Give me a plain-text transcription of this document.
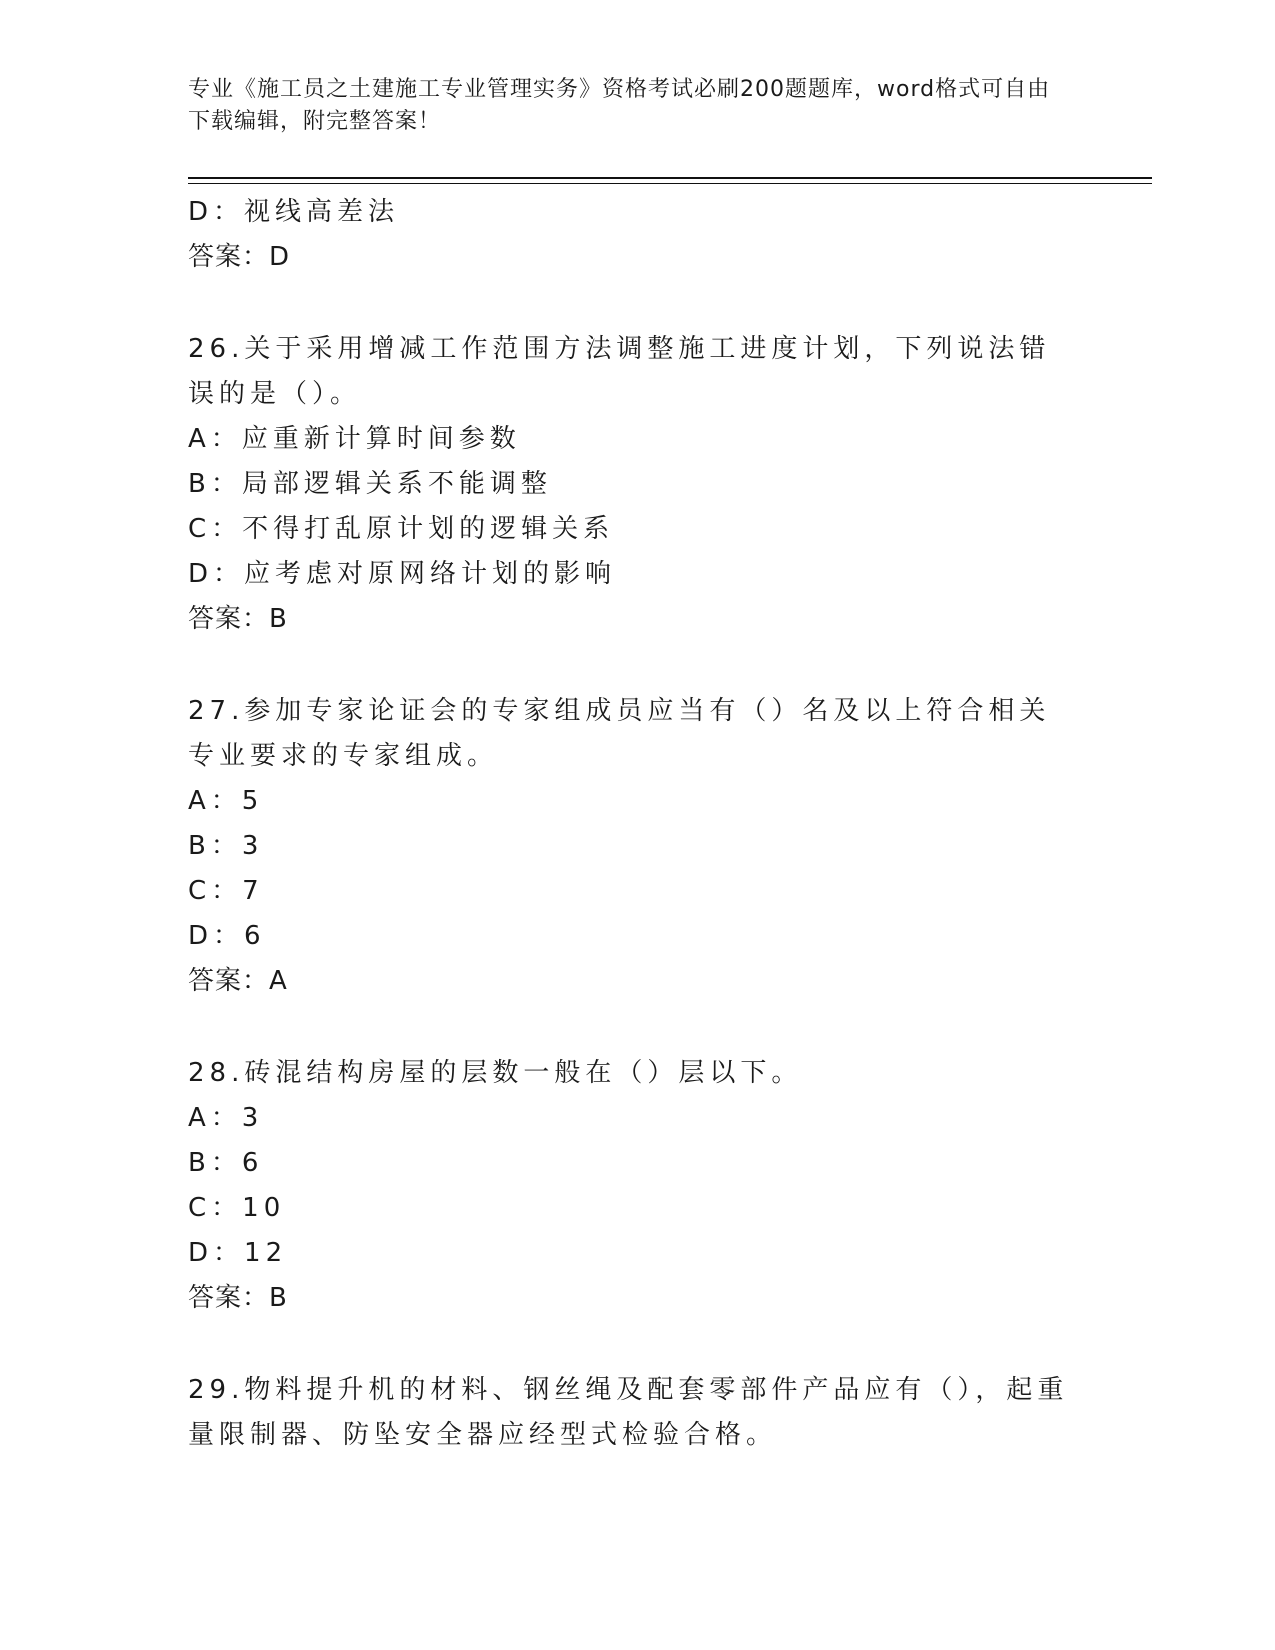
专业《施工员之土建施工专业管理实务》资格考试必刷200题题库，word格式可自由下载编辑，附完整答案！
D：视线高差法
答案：D
26.关于采用增减工作范围方法调整施工进度计划，下列说法错误的是（）。
A：应重新计算时间参数
B：局部逻辑关系不能调整
C：不得打乱原计划的逻辑关系
D：应考虑对原网络计划的影响
答案：B
27.参加专家论证会的专家组成员应当有（）名及以上符合相关专业要求的专家组成。
A：5
B：3
C：7
D：6
答案：A
28.砖混结构房屋的层数一般在（）层以下。
A：3
B：6
C：10
D：12
答案：B
29.物料提升机的材料、钢丝绳及配套零部件产品应有（），起重量限制器、防坠安全器应经型式检验合格。
